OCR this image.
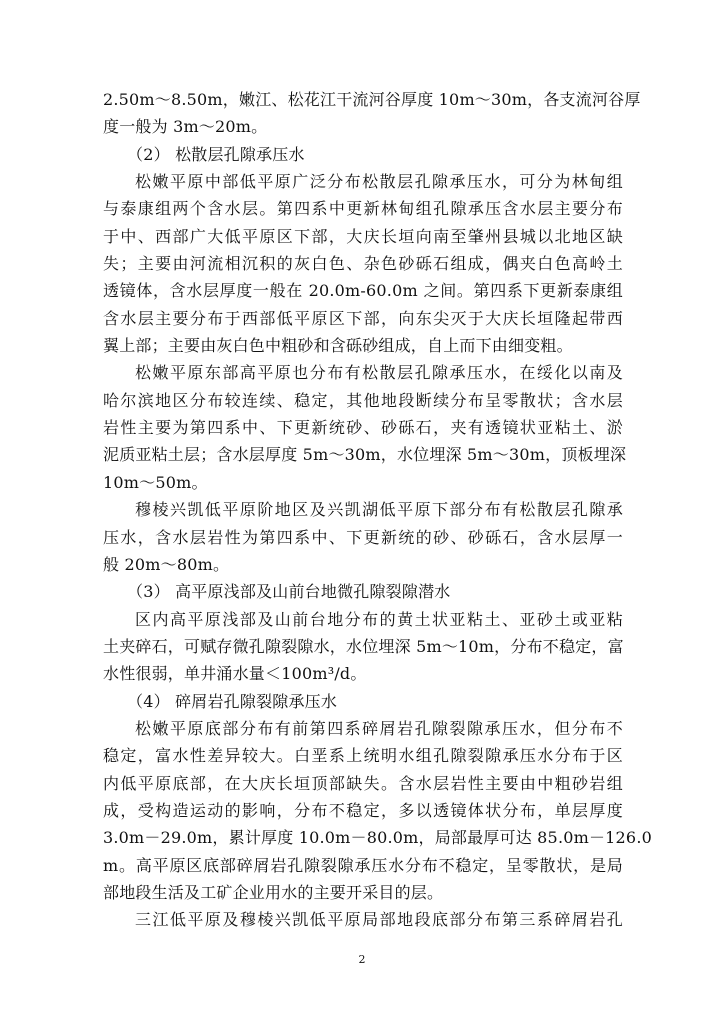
2.50m～8.50m，嫩江、松花江干流河谷厚度 10m～30m，各支流河谷厚
度一般为 3m～20m。
（2） 松散层孔隙承压水
松嫩平原中部低平原广泛分布松散层孔隙承压水，可分为林甸组
与泰康组两个含水层。第四系中更新林甸组孔隙承压含水层主要分布
于中、西部广大低平原区下部，大庆长垣向南至肇州县城以北地区缺
失；主要由河流相沉积的灰白色、杂色砂砾石组成，偶夹白色高岭土
透镜体，含水层厚度一般在 20.0m-60.0m 之间。第四系下更新泰康组
含水层主要分布于西部低平原区下部，向东尖灭于大庆长垣隆起带西
翼上部；主要由灰白色中粗砂和含砾砂组成，自上而下由细变粗。
松嫩平原东部高平原也分布有松散层孔隙承压水，在绥化以南及
哈尔滨地区分布较连续、稳定，其他地段断续分布呈零散状；含水层
岩性主要为第四系中、下更新统砂、砂砾石，夹有透镜状亚粘土、淤
泥质亚粘土层；含水层厚度 5m～30m，水位埋深 5m～30m，顶板埋深
10m～50m。
穆棱兴凯低平原阶地区及兴凯湖低平原下部分布有松散层孔隙承
压水，含水层岩性为第四系中、下更新统的砂、砂砾石，含水层厚一
般 20m～80m。
（3） 高平原浅部及山前台地微孔隙裂隙潜水
区内高平原浅部及山前台地分布的黄土状亚粘土、亚砂土或亚粘
土夹碎石，可赋存微孔隙裂隙水，水位埋深 5m～10m，分布不稳定，富
水性很弱，单井涌水量＜100m³/d。
（4） 碎屑岩孔隙裂隙承压水
松嫩平原底部分布有前第四系碎屑岩孔隙裂隙承压水，但分布不
稳定，富水性差异较大。白垩系上统明水组孔隙裂隙承压水分布于区
内低平原底部，在大庆长垣顶部缺失。含水层岩性主要由中粗砂岩组
成，受构造运动的影响，分布不稳定，多以透镜体状分布，单层厚度
3.0m－29.0m，累计厚度 10.0m－80.0m，局部最厚可达 85.0m－126.0
m。高平原区底部碎屑岩孔隙裂隙承压水分布不稳定，呈零散状，是局
部地段生活及工矿企业用水的主要开采目的层。
三江低平原及穆棱兴凯低平原局部地段底部分布第三系碎屑岩孔
2
